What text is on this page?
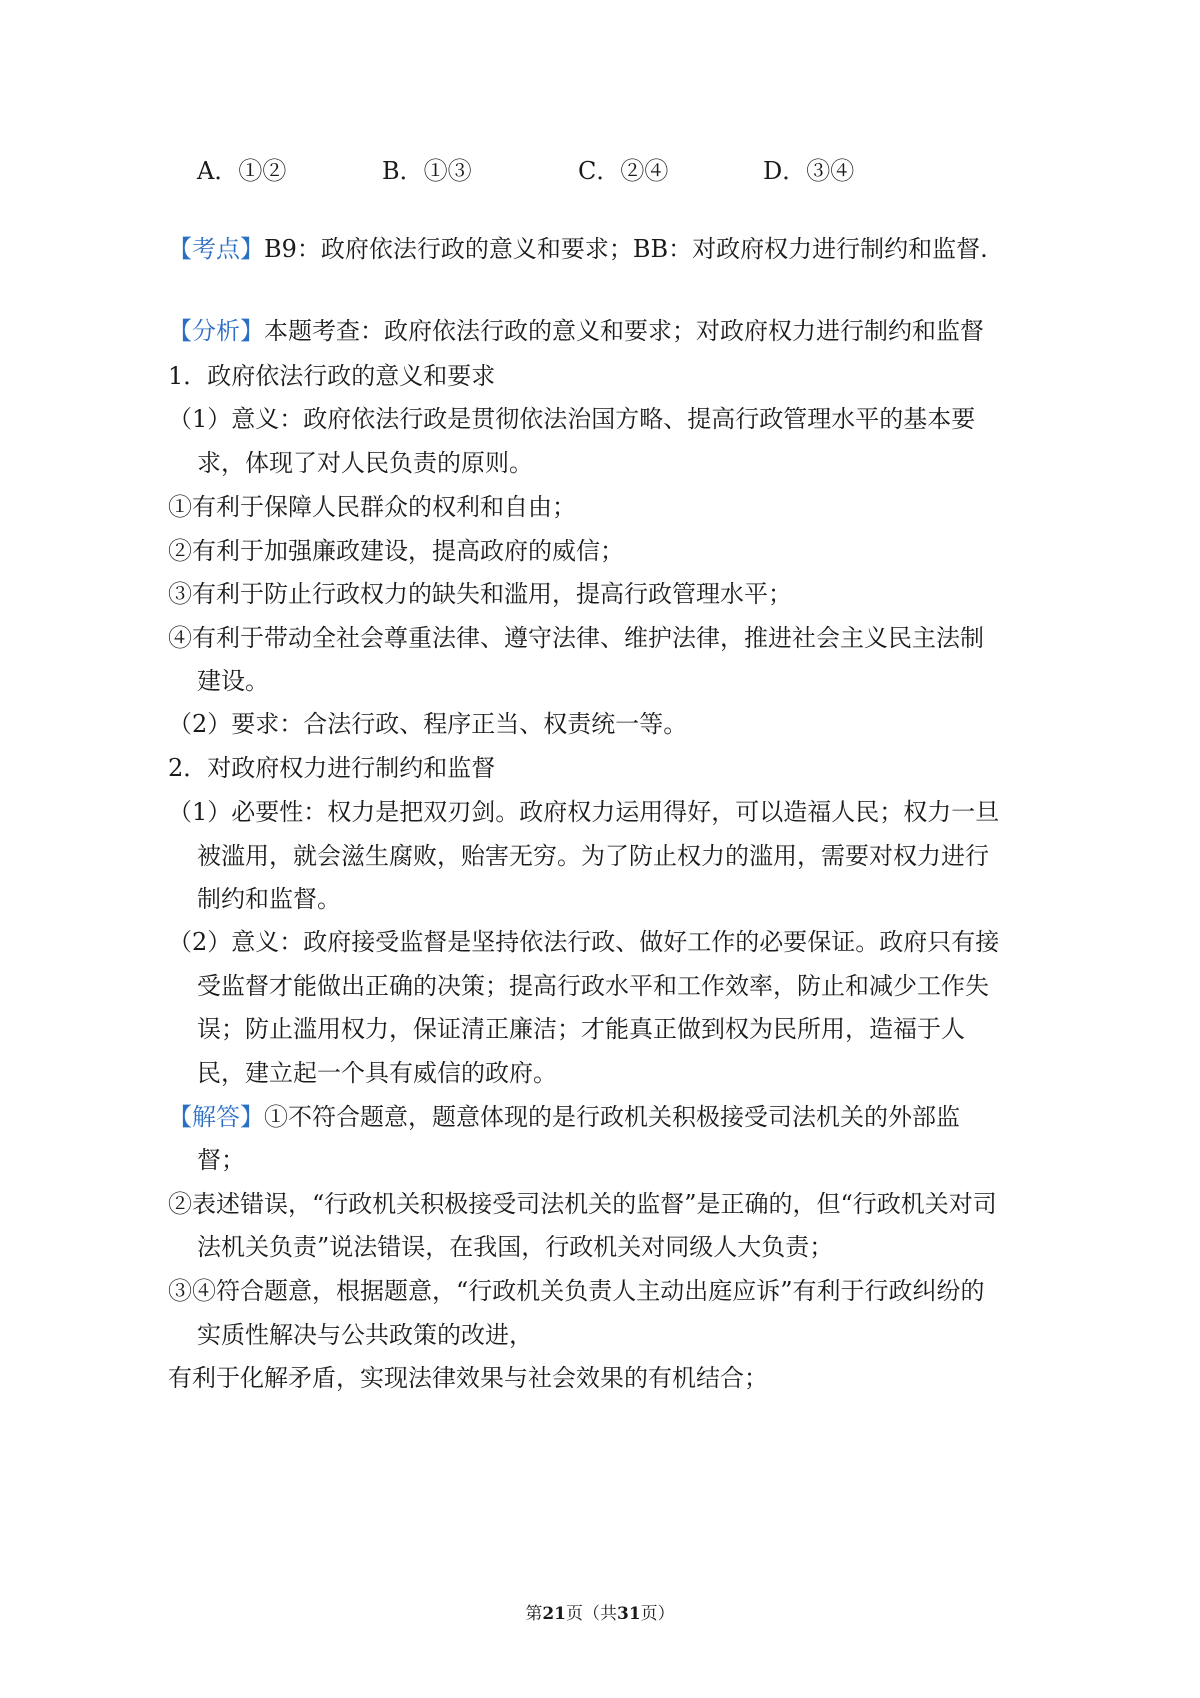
A．①②	B．①③	C．②④	D．③④
【考点】B9：政府依法行政的意义和要求；BB：对政府权力进行制约和监督.
【分析】本题考查：政府依法行政的意义和要求；对政府权力进行制约和监督
1．政府依法行政的意义和要求
（1）意义：政府依法行政是贯彻依法治国方略、提高行政管理水平的基本要
求，体现了对人民负责的原则。
①有利于保障人民群众的权利和自由；
②有利于加强廉政建设，提高政府的威信；
③有利于防止行政权力的缺失和滥用，提高行政管理水平；
④有利于带动全社会尊重法律、遵守法律、维护法律，推进社会主义民主法制
建设。
（2）要求：合法行政、程序正当、权责统一等。
2．对政府权力进行制约和监督
（1）必要性：权力是把双刃剑。政府权力运用得好，可以造福人民；权力一旦
被滥用，就会滋生腐败，贻害无穷。为了防止权力的滥用，需要对权力进行
制约和监督。
（2）意义：政府接受监督是坚持依法行政、做好工作的必要保证。政府只有接
受监督才能做出正确的决策；提高行政水平和工作效率，防止和减少工作失
误；防止滥用权力，保证清正廉洁；才能真正做到权为民所用，造福于人
民，建立起一个具有威信的政府。
【解答】①不符合题意，题意体现的是行政机关积极接受司法机关的外部监
督；
②表述错误，“行政机关积极接受司法机关的监督”是正确的，但“行政机关对司
法机关负责”说法错误，在我国，行政机关对同级人大负责；
③④符合题意，根据题意，“行政机关负责人主动出庭应诉”有利于行政纠纷的
实质性解决与公共政策的改进，
有利于化解矛盾，实现法律效果与社会效果的有机结合；
第21页（共31页）
